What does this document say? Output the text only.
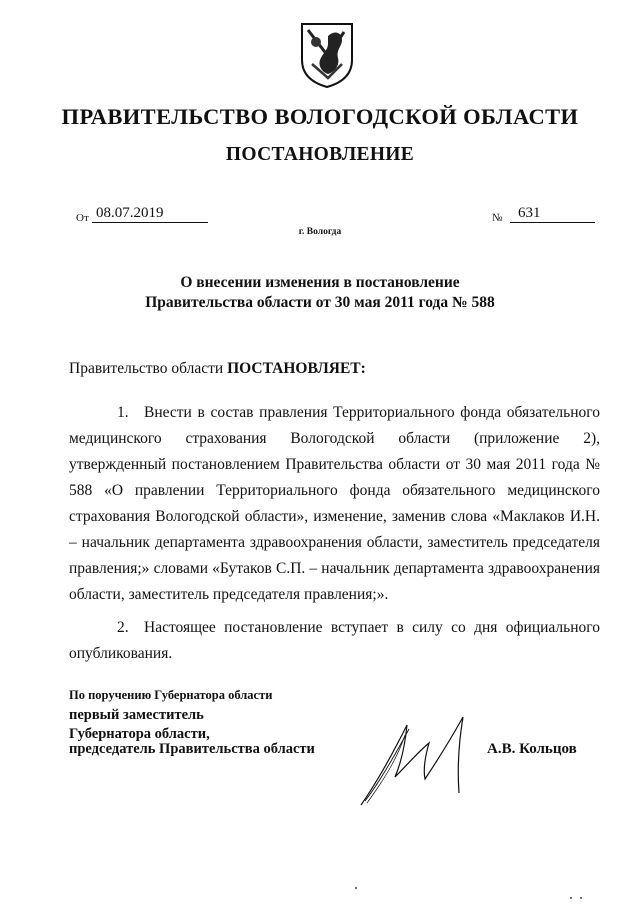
ПРАВИТЕЛЬСТВО ВОЛОГОДСКОЙ ОБЛАСТИ
ПОСТАНОВЛЕНИЕ
От 08.07.2019
г. Вологда
№	631
О внесении изменения в постановление
Правительства области от 30 мая 2011 года № 588
Правительство области ПОСТАНОВЛЯЕТ:
1. Внести в состав правления Территориального фонда обязательного медицинского страхования Вологодской области (приложение 2), утвержденный постановлением Правительства области от 30 мая 2011 года № 588 «О правлении Территориального фонда обязательного медицинского страхования Вологодской области», изменение, заменив слова «Маклаков И.Н. – начальник департамента здравоохранения области, заместитель председателя правления;» словами «Бутаков С.П. – начальник департамента здравоохранения области, заместитель председателя правления;».
2. Настоящее постановление вступает в силу со дня официального опубликования.
По поручению Губернатора области
первый заместитель
Губернатора области,
председатель Правительства области	А.В. Кольцов
